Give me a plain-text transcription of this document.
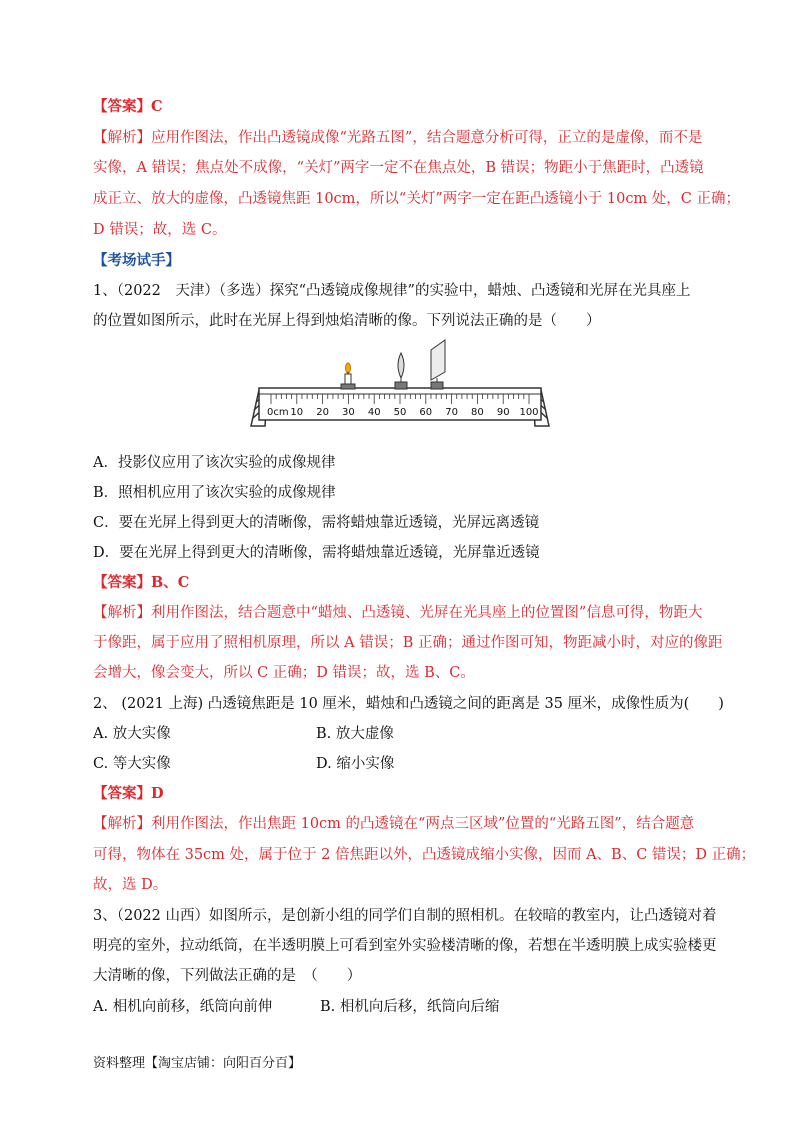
【答案】C
【解析】应用作图法，作出凸透镜成像“光路五图”，结合题意分析可得，正立的是虚像，而不是
实像，A 错误；焦点处不成像，“关灯”两字一定不在焦点处，B 错误；物距小于焦距时，凸透镜
成正立、放大的虚像，凸透镜焦距 10cm，所以“关灯”两字一定在距凸透镜小于 10cm 处，C 正确；
D 错误；故，选 C。
【考场试手】
1、（2022　天津）（多选）探究“凸透镜成像规律”的实验中，蜡烛、凸透镜和光屏在光具座上
的位置如图所示，此时在光屏上得到烛焰清晰的像。下列说法正确的是（　　）
0cm 10 20 30 40 50 60 70 80 90 100
A．投影仪应用了该次实验的成像规律
B．照相机应用了该次实验的成像规律
C．要在光屏上得到更大的清晰像，需将蜡烛靠近透镜，光屏远离透镜
D．要在光屏上得到更大的清晰像，需将蜡烛靠近透镜，光屏靠近透镜
【答案】B、C
【解析】利用作图法，结合题意中“蜡烛、凸透镜、光屏在光具座上的位置图”信息可得，物距大
于像距，属于应用了照相机原理，所以 A 错误；B 正确；通过作图可知，物距减小时，对应的像距
会增大，像会变大，所以 C 正确；D 错误；故，选 B、C。
2、 (2021 上海) 凸透镜焦距是 10 厘米，蜡烛和凸透镜之间的距离是 35 厘米，成像性质为(　　)
A. 放大实像	B. 放大虚像
C. 等大实像	D. 缩小实像
【答案】D
【解析】利用作图法，作出焦距 10cm 的凸透镜在“两点三区域”位置的“光路五图”，结合题意
可得，物体在 35cm 处，属于位于 2 倍焦距以外，凸透镜成缩小实像，因而 A、B、C 错误；D 正确；
故，选 D。
3、（2022 山西）如图所示，是创新小组的同学们自制的照相机。在较暗的教室内，让凸透镜对着
明亮的室外，拉动纸筒，在半透明膜上可看到室外实验楼清晰的像，若想在半透明膜上成实验楼更
大清晰的像，下列做法正确的是　（　　）
A. 相机向前移，纸筒向前伸	B. 相机向后移，纸筒向后缩
资料整理【淘宝店铺：向阳百分百】
